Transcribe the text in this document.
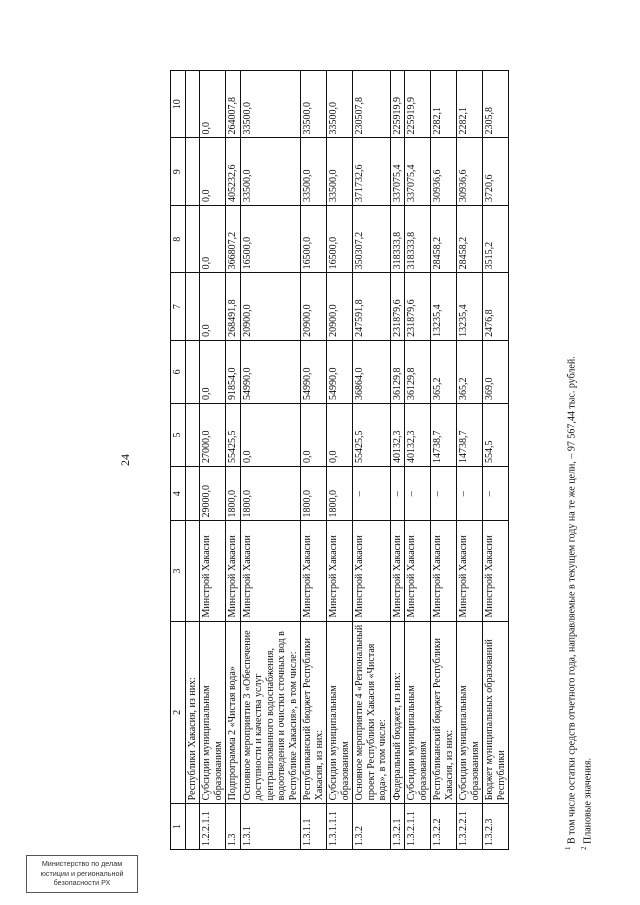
Министерство по делам
юстиции и региональной
безопасности РХ
24
1	2	3	4	5	6	7	8	9	10
	Республики Хакасия, из них:								
1.2.2.1.1	Субсидии муниципальным образованиям	Минстрой Хакасии	29000,0	27000,0	0,0	0,0	0,0	0,0	0,0
1.3	Подпрограмма 2 «Чистая вода»	Минстрой Хакасии	1800,0	55425,5	91854,0	268491,8	366807,2	405232,6	264007,8
1.3.1	Основное мероприятие 3 «Обеспечение доступности и качества услуг централизованного водоснабжения, водоотведения и очистки сточных вод в Республике Хакасия», в том числе:	Минстрой Хакасии	1800,0	0,0	54990,0	20900,0	16500,0	33500,0	33500,0
1.3.1.1	Республиканский бюджет Республики Хакасия, из них:	Минстрой Хакасии	1800,0	0,0	54990,0	20900,0	16500,0	33500,0	33500,0
1.3.1.1.1	Субсидии муниципальным образованиям	Минстрой Хакасии	1800,0	0,0	54990,0	20900,0	16500,0	33500,0	33500,0
1.3.2	Основное мероприятие 4 «Региональный проект Республики Хакасия «Чистая вода», в том числе:	Минстрой Хакасии	–	55425,5	36864,0	247591,8	350307,2	371732,6	230507,8
1.3.2.1	Федеральный бюджет, из них:	Минстрой Хакасии	–	40132,3	36129,8	231879,6	318333,8	337075,4	225919,9
1.3.2.1.1	Субсидии муниципальным образованиям	Минстрой Хакасии	–	40132,3	36129,8	231879,6	318333,8	337075,4	225919,9
1.3.2.2	Республиканский бюджет Республики Хакасия, из них:	Минстрой Хакасии	–	14738,7	365,2	13235,4	28458,2	30936,6	2282,1
1.3.2.2.1	Субсидии муниципальным образованиям	Минстрой Хакасии	–	14738,7	365,2	13235,4	28458,2	30936,6	2282,1
1.3.2.3	Бюджет муниципальных образований Республики	Минстрой Хакасии	–	554,5	369,0	2476,8	3515,2	3720,6	2305,8
$^1$ В том числе остатки средств отчетного года, направляемые в текущем году на те же цели, – 97 567,44 тыс. рублей.
$^2$ Плановые значения.
